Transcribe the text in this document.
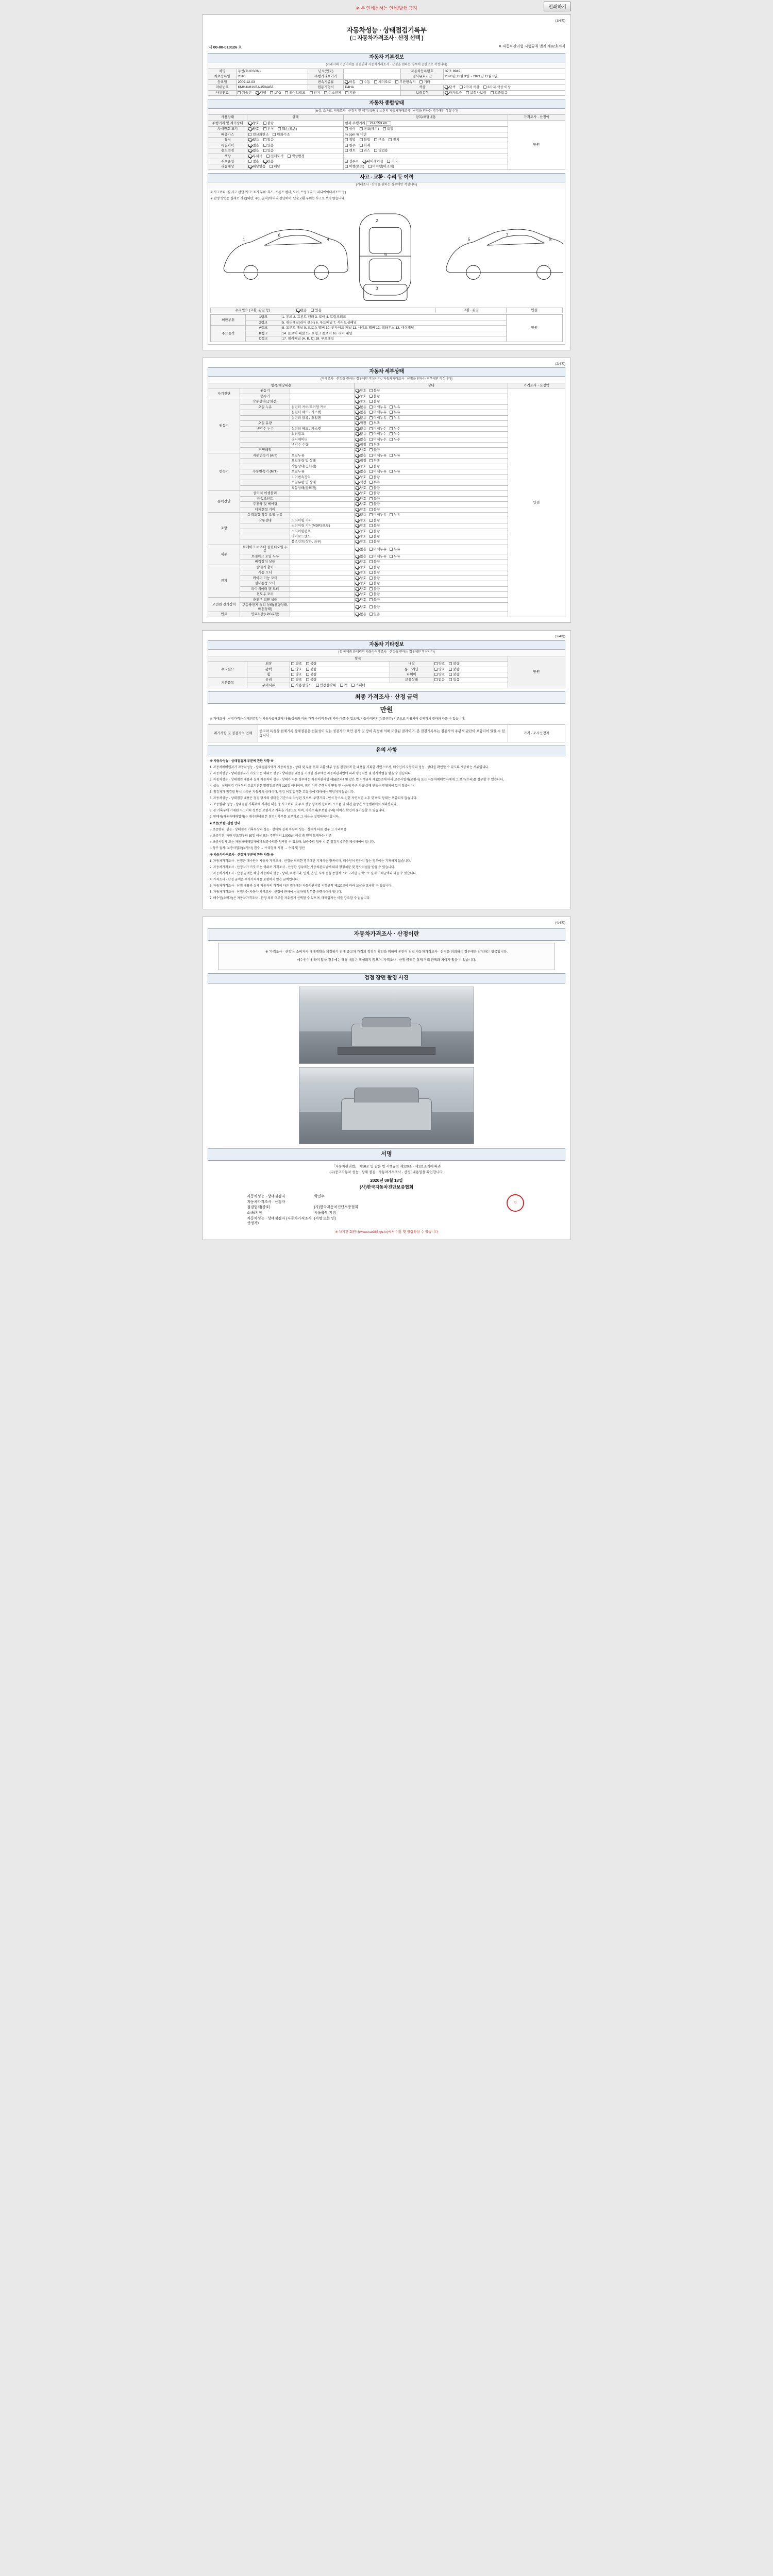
※ 본 인쇄문서는 인쇄/발행 금지	인쇄하기
(1/4쪽)
자동차성능 · 상태점검기록부
( □ 자동차가격조사 · 산정 선택 )
제 00-00-010126 호	※ 자동차관리법 시행규칙 별지 제82호서식
자동차 기본정보
(거래시의 기준가치를 점검인의 자동차거래조사 · 산정을 원하는 경우에 공란으로 작성니다)
차명	투싼(TUCSON)	년식(연도)		자동차등록번호	37조 8949
최초등록일	2010	주행거리표기기		검사유효기간	2020년 11월 3일 ~ 2021년 11월 2일
등록일	2009-12-03	변속기종류	자동 수동 세미오토 무단변속기 기타		
차대번호	KMHJU81VBAU504453	원동기형식	D4HA	색상	단색 2가지 색상 3가지 색상 이상
사용연료	가솔린 디젤 LPG 하이브리드 전기 수소전지 기타			보증유형	자가보증 보험사보증 보증없음
자동차 종합상태
(※상, 조유로, 거래조사 · 산정의 및 폐기/내/당 원소산의 자동차거래조사 · 산정을 원하는 경우에만 작성니다)
사용상태	상태	항목/해당내용	가격조사 · 산정액
주행거리 및 계기상태	양호 불량	현재 주행거리 214,553 km	만원
차대번호 표기	양호 부식 훼손(오손)	상이 변조(폐기) 도말	
배출가스	일산화탄소 탄화수소	% ppm % 미만	
튜닝	없음 있음	적법 불법 구조 장치	
특별이력	없음 있음	침수 화재	
용도변경	없음 있음	렌트 리스 영업용	
색상	무채색 전체도색 색상변경		
주요옵션	없음 있음	선루프 내비게이션 기타	
리콜대상	해당없음 해당	이행(완료) 미이행(미조치)	
사고 · 교환 · 수리 등 이력
(거래조사 · 산정을 원하는 경우에만 작성니다)

※ 사고이력 (실 사고 판단 '사고' 표기 부위: 후드, 프론트 펜더, 도어, 트렁크리드, 라디에이터서포트 등)

※ 판정 방법은 실제로 기준(외판, 주요 골격)에 따라 판단하며, 단순교환 부위는 사고로 보지 않습니다.

1
6
4
2
9
3
5
7
8
수리필요 (교환, 판금 등)	없음 있음	교환 · 판금	만원
외판부위	1랭크	1. 후드 2. 프론트 펜더 3. 도어 4. 트렁크리드	만원
	2랭크	5. 쿼터패널(리어 펜더) 6. 루프패널 7. 사이드실패널	
주요골격	A랭크	8. 프론트 패널 9. 크로스 멤버 10. 인사이드 패널 11. 사이드 멤버 12. 휠하우스 13. 대쉬패널	
	B랭크	14. 플로어 패널 15. 트렁크 플로어 16. 리어 패널	
	C랭크	17. 필러패널 (A, B, C) 18. 루프레일	
(2/4쪽)
자동차 세부상태
(거래조사 · 산정을 원하는 경우에만 작성니다 / 자동차거래조사 · 산정을 원하는 경우에만 작성니다)
항목/해당내용			상태	가격조사 · 산정액
자기진단	원동기		양호 불량	만원
	변속기		양호 불량	
원동기	작동상태(공회전)		양호 불량	
	오일 누유	실린더 커버/로커암 커버	없음 미세누유 누유	
		실린더 헤드 / 가스켓	없음 미세누유 누유	
		실린더 블록 / 오일팬	없음 미세누유 누유	
	오일 유량		적정 부족	
	냉각수 누수	실린더 헤드 / 가스켓	없음 미세누수 누수	
		워터펌프	없음 미세누수 누수	
		라디에이터	없음 미세누수 누수	
		냉각수 수량	적정 부족	
	커먼레일		양호 불량	
변속기	자동변속기 (A/T)	오일누유	없음 미세누유 누유	
		오일유량 및 상태	적정 부족	
		작동상태(공회전)	양호 불량	
	수동변속기 (M/T)	오일누유	없음 미세누유 누유	
		기어변속장치	양호 불량	
		오일유량 및 상태	적정 부족	
		작동상태(공회전)	양호 불량	
동력전달	클러치 어셈블리		양호 불량	
	등속조인트		양호 불량	
	추진축 및 베어링		양호 불량	
	디퍼렌셜 기어		양호 불량	
조향	동력조향 작동 오일 누유		없음 미세누유 누유	
	작동상태	스티어링 기어	양호 불량	
		스티어링 기어(MDPS포함)	양호 불량	
		스티어링펌프	양호 불량	
		타이로드엔드	양호 불량	
		볼조인트(상하, 좌우)	양호 불량	
제동	브레이크 마스터 실린더오일 누유		없음 미세누유 누유	
	브레이크 오일 누유		없음 미세누유 누유	
	배력장치 상태		양호 불량	
전기	발전기 출력		양호 불량	
	시동 모터		양호 불량	
	와이퍼 기능 모터		양호 불량	
	실내송풍 모터		양호 불량	
	라디에이터 팬 모터		양호 불량	
	윈도우 모터		양호 불량	
고전원 전기장치	충전구 절연 상태		양호 불량	
	구동축전지 격리 상태(용량상태, 배선상태)		양호 불량	
연료	연료누출(LPG포함)		없음 있음	
(3/4쪽)
자동차 기타정보
(유 복제품 등내리의 자동차거래조사 · 산정을 원하는 경우에만 작성니다)
항목					만원
수리필요	외장	양호 불량	내장	양호 불량	
	광택	양호 불량	룸 크리닝	양호 불량	
	휠	양호 불량	타이어	양호 불량	
기본품목	유리	양호 불량	보유상태	없음 있음	
	구비서류	사용설명서 안전삼각대 잭 스패너			
최종 가격조사 · 산정 금액
만원

※ 거래조사 · 산정가격은 상태점검일이 자동차공개경매 내용(상품화 비용·가격 수리비 등)에 따라 다를 수 있으며, 자동차대리인(상품점검) 기준으로 적용되며 실제가치 결과와 다를 수 있습니다.

폐기사항 및 점검자의 견해	중고차 특성상 현재기록 상태점검은 전문성이 있는 점검자가 육안 검사 및 장비 측정에 의해 도출된 결과이며, 본 점검기록부는 점검자의 주관적 판단이 포함되어 있을 수 있습니다.	가격 · 조사산정자
유의 사항

※ 자동차성능 · 상태점검자 부분에 관한 사항 ※

1. 자동차매매업자가 자동차성능 · 상태점검자에게 자동차성능 · 상태 및 부품 등의 교환 여부 등을 점검하게 한 내용을 기록한 서면으로서, 매수인이 자동차의 성능 · 상태를 확인할 수 있도록 제공하는 서류입니다.

2. 자동차성능 · 상태점검자가 거짓 또는 허위로 성능 · 상태점검 내용을 기재한 경우에는 자동차관리법에 따라 행정처분 및 형사처벌을 받을 수 있습니다.

3. 자동차성능 · 상태점검 내용과 실제 자동차의 성능 · 상태가 다른 경우에는 자동차관리법 제58조의4 및 같은 법 시행규칙 제120조에 따라 보증사업자(보험사) 또는 자동차매매업자에게 그 보수(수리)를 청구할 수 있습니다.

4. 성능 · 상태점검 기록부의 유효기간은 발행일로부터 120일 이내이며, 점검 이후 주행거리 변동 및 사용에 따른 차량 상태 변동은 반영되어 있지 않습니다.

5. 점검자가 점검할 당시 나타난 자동차의 상태이며, 점검 이후 발생한 고장 등에 대하여는 책임지지 않습니다.

6. 자동차성능 · 상태점검 내용은 점검 당시의 상태를 기준으로 작성된 것으로, 주행거리 · 연식 등으로 인한 자연적인 노후 및 마모 상태는 포함되지 않습니다.

7. 보증범위: 성능 · 상태점검 기록부에 기재된 내용 중 사고이력 및 주요 성능 항목에 한하며, 소모품 및 외관 손상은 보증범위에서 제외됩니다.

8. 본 기록부에 기재된 사고이력 정보는 보험사고 기록을 기준으로 하며, 자비수리(무보험 수리) 이력은 확인이 불가능할 수 있습니다.

9. 판매자(자동차매매업자)는 매수인에게 본 점검기록부를 교부하고 그 내용을 설명하여야 합니다.

■ 보증(보험) 관련 안내

○ 보증범위: 성능 · 상태점검 기록부상의 성능 · 상태와 실제 차량의 성능 · 상태가 다른 경우 그 수리비용

○ 보증기간: 차량 인도일부터 30일 이상 또는 주행거리 2,000km 이상 중 먼저 도래하는 기준

○ 보증사업자 또는 자동차매매업자에게 보증수리를 청구할 수 있으며, 보증수리 청구 시 본 점검기록부를 제시하여야 합니다.

○ 청구 절차: 보증사업자(보험사) 접수 → 수리업체 지정 → 수리 및 정산

※ 자동차가격조사 · 산정자 부분에 관한 사항 ※

1. 자동차가격조사 · 산정은 매수인이 자동차 가격조사 · 산정을 의뢰한 경우에만 기재하는 항목이며, 매수인이 원하지 않는 경우에는 기재하지 않습니다.

2. 자동차가격조사 · 산정자가 거짓 또는 허위로 가격조사 · 산정한 경우에는 자동차관리법에 따라 행정처분 및 형사처벌을 받을 수 있습니다.

3. 자동차가격조사 · 산정 금액은 해당 자동차의 성능 · 상태, 주행거리, 연식, 옵션, 시세 등을 종합적으로 고려한 금액으로 실제 거래금액과 다를 수 있습니다.

4. 가격조사 · 산정 금액은 부가가치세를 포함하지 않은 금액입니다.

5. 자동차가격조사 · 산정 내용과 실제 자동차의 가격이 다른 경우에는 자동차관리법 시행규칙 제120조에 따라 보상을 요구할 수 있습니다.

6. 자동차가격조사 · 산정자는 자동차 가격조사 · 산정에 관하여 성실하게 업무를 수행하여야 합니다.

7. 매수인(소비자)은 자동차가격조사 · 산정 의뢰 여부를 자유롭게 선택할 수 있으며, 매매업자는 이를 강요할 수 없습니다.

(4/4쪽)
자동차가격조사 · 산정이란

※ '가격조사 · 산정'은 소비자가 매매계약을 체결하기 전에 중고차 가격의 적정성 확인을 위하여 본인이 직접 자동차가격조사 · 산정을 의뢰하는 경우에만 작성하는 항목입니다.

매수인이 원하지 않을 경우에는 해당 내용은 작성되지 않으며, 가격조사 · 산정 금액은 실제 거래 금액과 차이가 있을 수 있습니다.

검점 장면 촬영 사진
서명
「자동차관리법」 제58조 및 같은 법 시행규칙 제120조 · 제121조기에 따라
(구)중고자동차 성능 · 상태 점검 · 자동차가격조사 · 산정 )내용임을 확인합니다.
2020년 09월 18일
(사)한국자동차진단보증협회
자동차성능 · 상태점검자	박민수
자동차가격조사 · 산정자
점검업체(상호)	(사)한국자동차진단보증협회
소속/지점	서울북부 지점
자동차성능 · 상태점검자 (자동차가격조사 · 산정자)
(서명 또는 인)
인
※ 차기간 회원사(www.car365.go.kr)에서 이용 및 열람하실 수 있습니다
